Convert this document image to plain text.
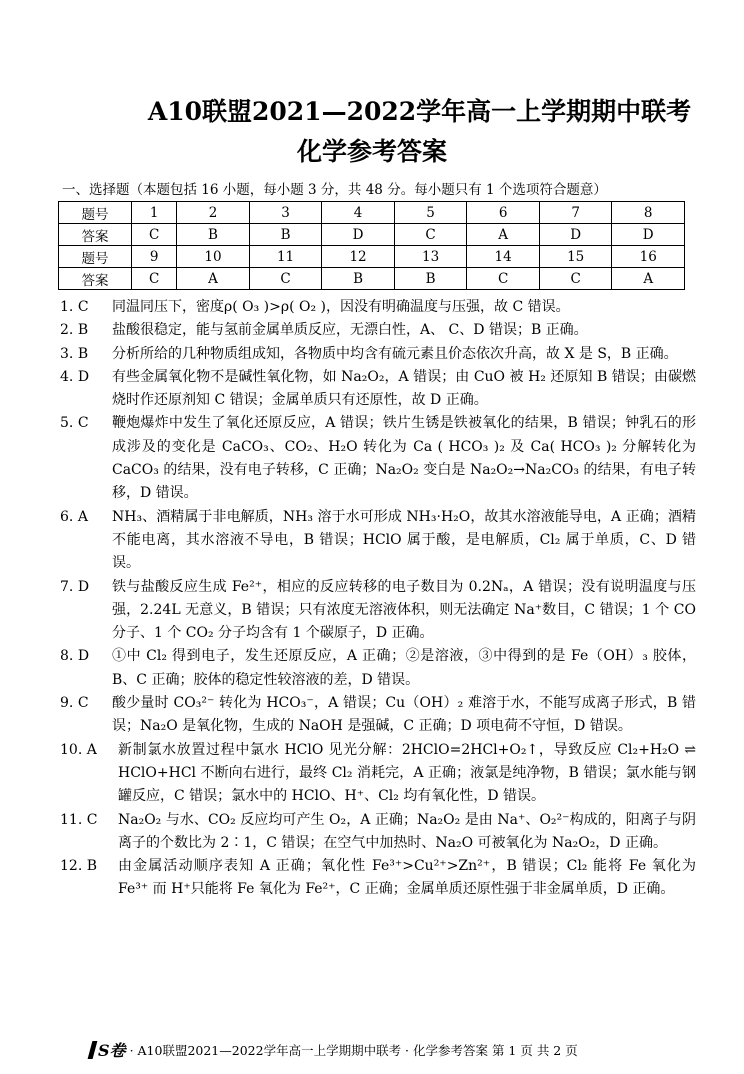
A10联盟2021—2022学年高一上学期期中联考
化学参考答案
一、选择题（本题包括 16 小题，每小题 3 分，共 48 分。每小题只有 1 个选项符合题意）
题号	1	2	3	4	5	6	7	8
答案	C	B	B	D	C	A	D	D
题号	9	10	11	12	13	14	15	16
答案	C	A	C	B	B	C	C	A
1. C	同温同压下，密度ρ( O₃ )>ρ( O₂ )，因没有明确温度与压强，故 C 错误。
2. B	盐酸很稳定，能与氢前金属单质反应，无漂白性，A、 C、D 错误；B 正确。
3. B	分析所给的几种物质组成知，各物质中均含有硫元素且价态依次升高，故 X 是 S，B 正确。
4. D	有些金属氧化物不是碱性氧化物，如 Na₂O₂，A 错误；由 CuO 被 H₂ 还原知 B 错误；由碳燃烧时作还原剂知 C 错误；金属单质只有还原性，故 D 正确。
5. C	鞭炮爆炸中发生了氧化还原反应，A 错误；铁片生锈是铁被氧化的结果，B 错误；钟乳石的形成涉及的变化是 CaCO₃、CO₂、H₂O 转化为 Ca ( HCO₃ )₂ 及 Ca( HCO₃ )₂ 分解转化为 CaCO₃ 的结果，没有电子转移，C 正确；Na₂O₂ 变白是 Na₂O₂→Na₂CO₃ 的结果，有电子转移，D 错误。
6. A	NH₃、酒精属于非电解质，NH₃ 溶于水可形成 NH₃·H₂O，故其水溶液能导电，A 正确；酒精不能电离，其水溶液不导电，B 错误；HClO 属于酸，是电解质，Cl₂ 属于单质，C、D 错误。
7. D	铁与盐酸反应生成 Fe²⁺，相应的反应转移的电子数目为 0.2Nₐ，A 错误；没有说明温度与压强，2.24L 无意义，B 错误；只有浓度无溶液体积，则无法确定 Na⁺数目，C 错误；1 个 CO 分子、1 个 CO₂ 分子均含有 1 个碳原子，D 正确。
8. D	①中 Cl₂ 得到电子，发生还原反应，A 正确；②是溶液，③中得到的是 Fe（OH）₃ 胶体，B、C 正确；胶体的稳定性较溶液的差，D 错误。
9. C	酸少量时 CO₃²⁻ 转化为 HCO₃⁻，A 错误；Cu（OH）₂ 难溶于水，不能写成离子形式，B 错误；Na₂O 是氧化物，生成的 NaOH 是强碱，C 正确；D 项电荷不守恒，D 错误。
10. A	新制氯水放置过程中氯水 HClO 见光分解：2HClO=2HCl+O₂↑，导致反应 Cl₂+H₂O ⇌ HClO+HCl 不断向右进行，最终 Cl₂ 消耗完，A 正确；液氯是纯净物，B 错误；氯水能与钢罐反应，C 错误；氯水中的 HClO、H⁺、Cl₂ 均有氧化性，D 错误。
11. C	Na₂O₂ 与水、CO₂ 反应均可产生 O₂，A 正确；Na₂O₂ 是由 Na⁺、O₂²⁻构成的，阳离子与阴离子的个数比为 2∶1，C 错误；在空气中加热时、Na₂O 可被氧化为 Na₂O₂，D 正确。
12. B	由金属活动顺序表知 A 正确；氧化性 Fe³⁺>Cu²⁺>Zn²⁺，B 错误；Cl₂ 能将 Fe 氧化为 Fe³⁺ 而 H⁺只能将 Fe 氧化为 Fe²⁺，C 正确；金属单质还原性强于非金属单质，D 正确。
S卷 · A10联盟2021—2022学年高一上学期期中联考 · 化学参考答案 第 1 页 共 2 页
